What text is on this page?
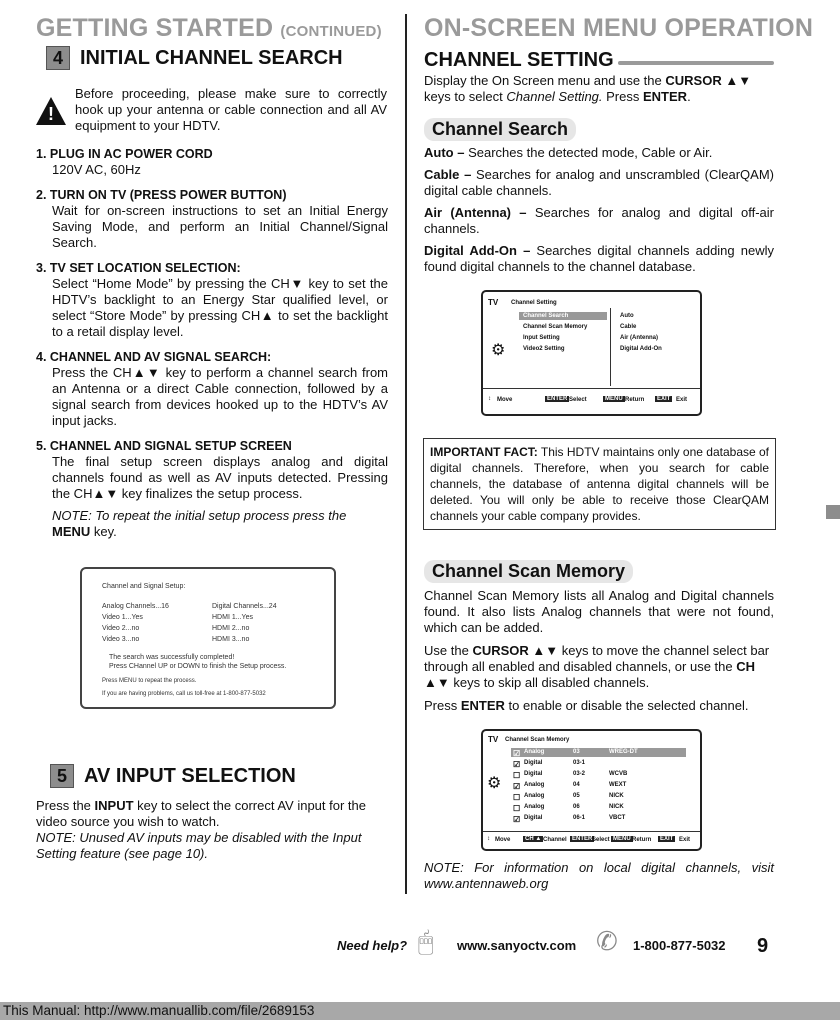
GETTING STARTED (CONTINUED)
4 INITIAL CHANNEL SEARCH
!

Before proceeding, please make sure to correctly hook up your antenna or cable connection and all AV equipment to your HDTV.

1. PLUG IN AC POWER CORD
120V AC, 60Hz
2. TURN ON TV (PRESS POWER BUTTON)
Wait for on-screen instructions to set an Initial Energy Saving Mode, and perform an Initial Channel/Signal Search.
3. TV SET LOCATION SELECTION:
Select “Home Mode” by pressing the CH▼ key to set the HDTV’s backlight to an Energy Star qualified level, or select “Store Mode” by pressing CH▲ to set the backlight to a retail display level.
4. CHANNEL AND AV SIGNAL SEARCH:
Press the CH▲▼ key to perform a channel search from an Antenna or a direct Cable connection, followed by a signal search from devices hooked up to the HDTV’s AV input jacks.
5. CHANNEL AND SIGNAL SETUP SCREEN
The final setup screen displays analog and digital channels found as well as AV inputs detected. Pressing the CH▲▼ key finalizes the setup process.
NOTE: To repeat the initial setup process press the MENU key.
Channel and Signal Setup:
Analog Channels...16	Digital Channels...24
Video 1...Yes	HDMI 1...Yes
Video 2...no	HDMI 2...no
Video 3...no	HDMI 3...no
The search was successfully completed!
Press CHannel UP or DOWN to finish the Setup process.
Press MENU to repeat the process.
If you are having problems, call us toll-free at 1-800-877-5032
5 AV INPUT SELECTION

Press the INPUT key to select the correct AV input for the video source you wish to watch.

NOTE: Unused AV inputs may be disabled with the Input Setting feature (see page 10).

ON-SCREEN MENU OPERATION
CHANNEL SETTING

Display the On Screen menu and use the CURSOR ▲▼ keys to select Channel Setting. Press ENTER.

Channel Search

Auto – Searches the detected mode, Cable or Air.

Cable – Searches for analog and unscrambled (ClearQAM) digital cable channels.

Air (Antenna) – Searches for analog and digital off-air channels.

Digital Add-On – Searches digital channels adding newly found digital channels to the channel database.

TV Channel Setting
Channel Search
Channel Scan Memory
Input Setting
Video2 Setting
Auto
Cable
Air (Antenna)
Digital Add-On
⚙
↕ Move	ENTER Select	MENU Return	EXIT Exit
IMPORTANT FACT: This HDTV maintains only one database of digital channels. Therefore, when you search for cable channels, the database of antenna digital channels will be deleted. You will only be able to receive those ClearQAM channels your cable company provides.
Channel Scan Memory

Channel Scan Memory lists all Analog and Digital channels found. It also lists Analog channels that were not found, which can be added.

Use the CURSOR ▲▼ keys to move the channel select bar through all enabled and disabled channels, or use the CH ▲▼ keys to skip all disabled channels.

Press ENTER to enable or disable the selected channel.

TV Channel Scan Memory
☑ Analog	03	WREG-DT
☑ Digital	03-1
☐ Digital	03-2	WCVB
☑ Analog	04	WEXT
☐ Analog	05	NICK
☐ Analog	06	NICK
☑ Digital	06-1	VBCT
⚙
↕ Move	CH ▲ Channel ENTER Select MENU Return	EXIT Exit

NOTE: For information on local digital channels, visit www.antennaweb.org

Need help? 🖱 www.sanyoctv.com ✆ 1-800-877-5032 9
This Manual: http://www.manuallib.com/file/2689153
